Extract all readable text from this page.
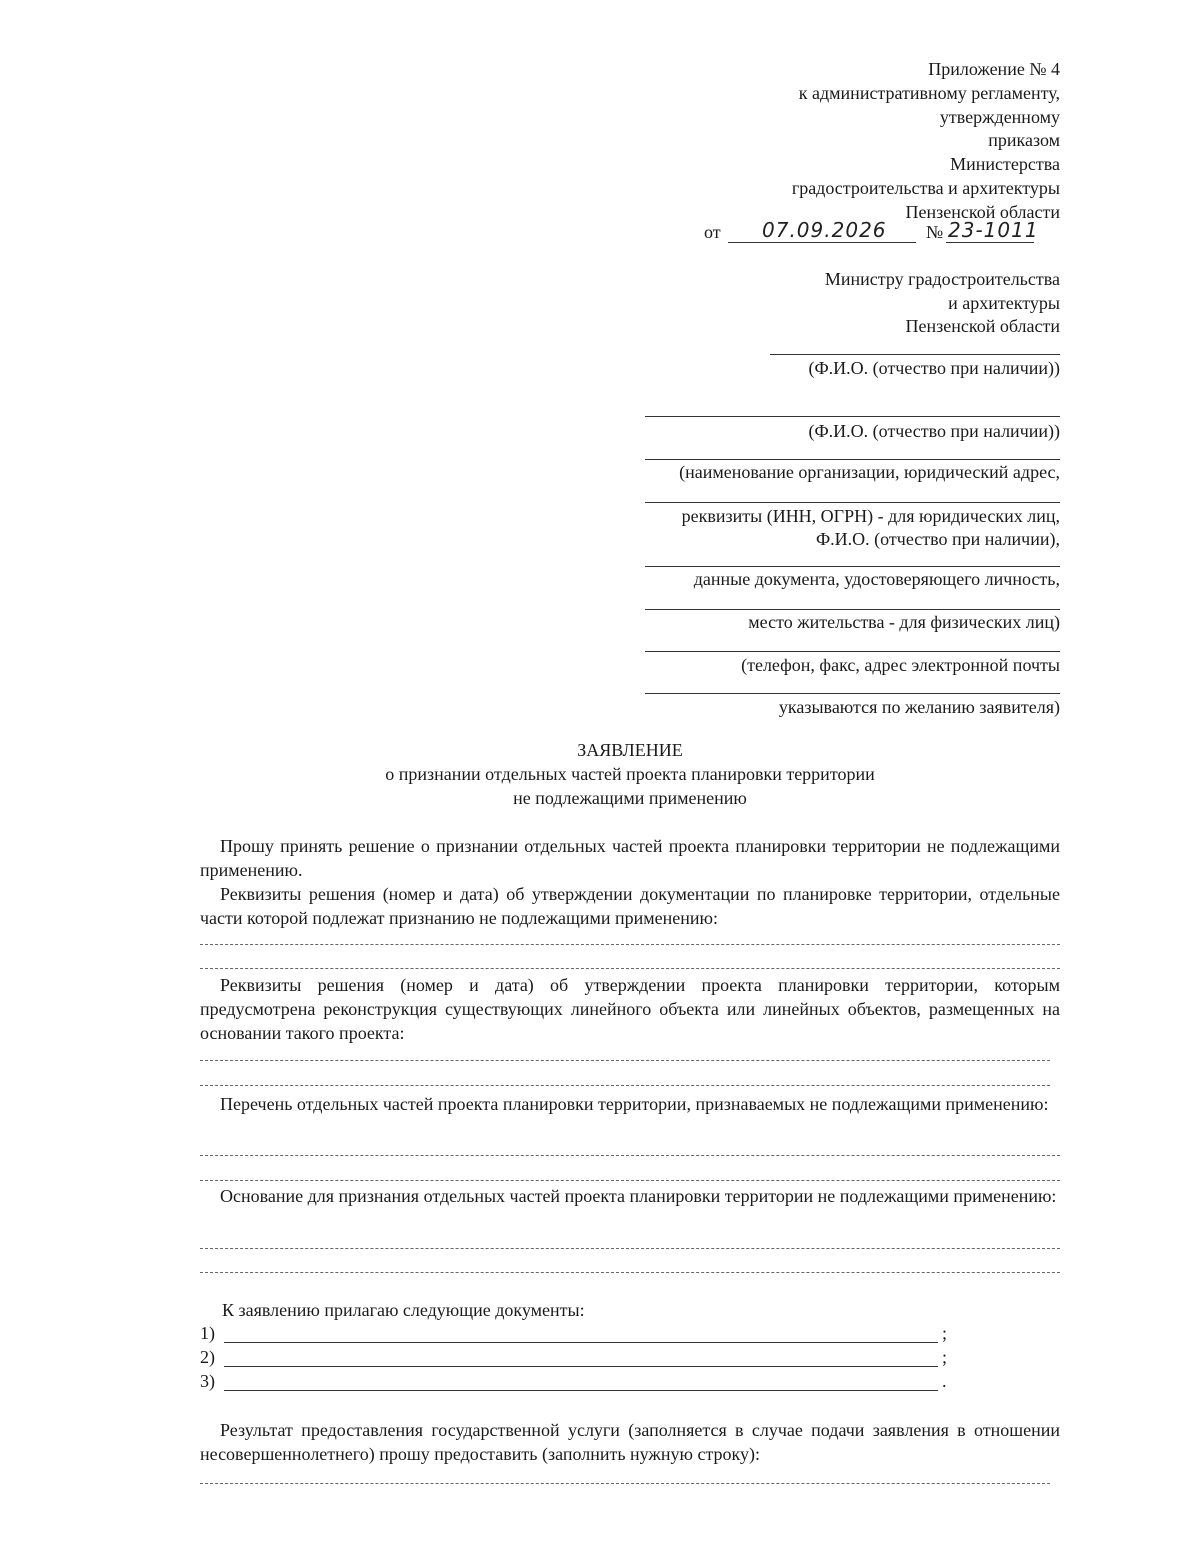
Приложение № 4
к административному регламенту,
утвержденному
приказом
Министерства
градостроительства и архитектуры
Пензенской области
от 07.09.2026 № 23-1011
Министру градостроительства
и архитектуры
Пензенской области
(Ф.И.О. (отчество при наличии))
(Ф.И.О. (отчество при наличии))
(наименование организации, юридический адрес,
реквизиты (ИНН, ОГРН) - для юридических лиц,
Ф.И.О. (отчество при наличии),
данные документа, удостоверяющего личность,
место жительства - для физических лиц)
(телефон, факс, адрес электронной почты
указываются по желанию заявителя)
ЗАЯВЛЕНИЕ
о признании отдельных частей проекта планировки территории
не подлежащими применению
Прошу принять решение о признании отдельных частей проекта планировки территории не подлежащими применению.
Реквизиты решения (номер и дата) об утверждении документации по планировке территории, отдельные части которой подлежат признанию не подлежащими применению:
Реквизиты решения (номер и дата) об утверждении проекта планировки территории, которым предусмотрена реконструкция существующих линейного объекта или линейных объектов, размещенных на основании такого проекта:
Перечень отдельных частей проекта планировки территории, признаваемых не подлежащими применению:
Основание для признания отдельных частей проекта планировки территории не подлежащими применению:
К заявлению прилагаю следующие документы:
1)	;
2)	;
3)	.
Результат предоставления государственной услуги (заполняется в случае подачи заявления в отношении несовершеннолетнего) прошу предоставить (заполнить нужную строку):
